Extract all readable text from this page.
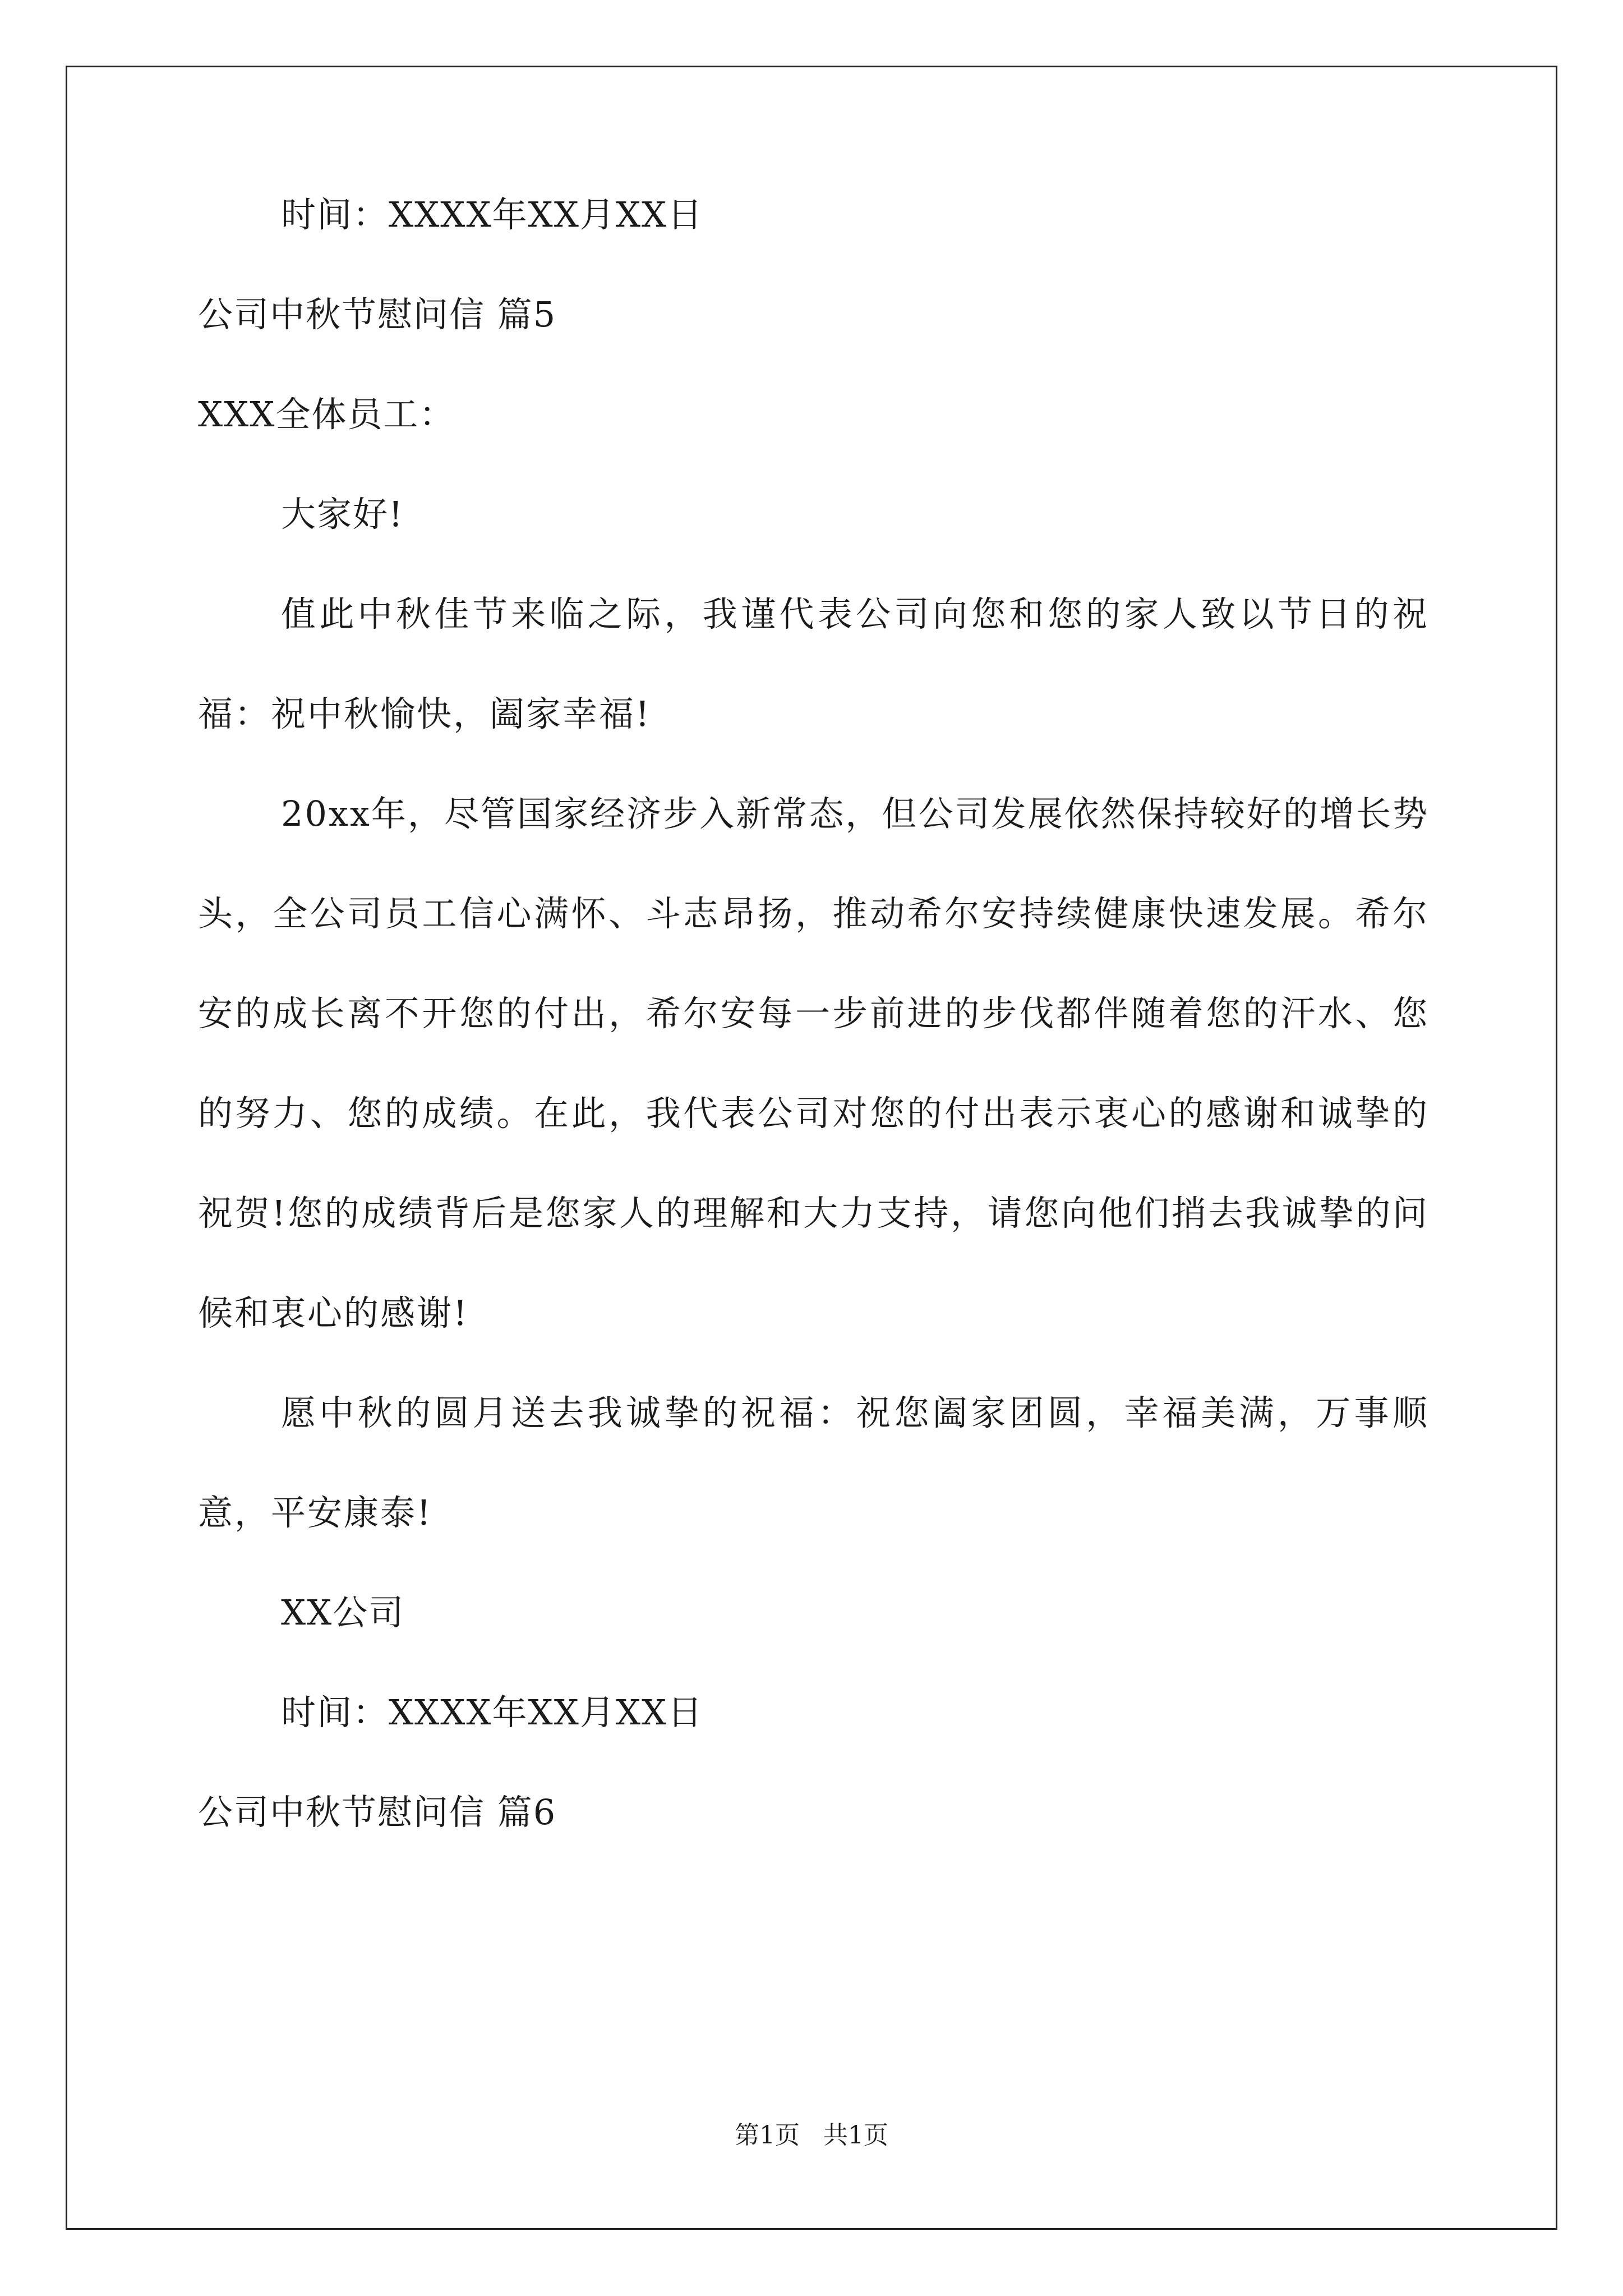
时间：XXXX年XX月XX日
公司中秋节慰问信 篇5
XXX全体员工：
大家好!

值此中秋佳节来临之际，我谨代表公司向您和您的家人致以节日的祝福：祝中秋愉快，阖家幸福!

20xx年，尽管国家经济步入新常态，但公司发展依然保持较好的增长势头，全公司员工信心满怀、斗志昂扬，推动希尔安持续健康快速发展。希尔安的成长离不开您的付出，希尔安每一步前进的步伐都伴随着您的汗水、您的努力、您的成绩。在此，我代表公司对您的付出表示衷心的感谢和诚挚的祝贺!您的成绩背后是您家人的理解和大力支持，请您向他们捎去我诚挚的问候和衷心的感谢!

愿中秋的圆月送去我诚挚的祝福：祝您阖家团圆，幸福美满，万事顺意，平安康泰!

XX公司
时间：XXXX年XX月XX日
公司中秋节慰问信 篇6
第1页   共1页
